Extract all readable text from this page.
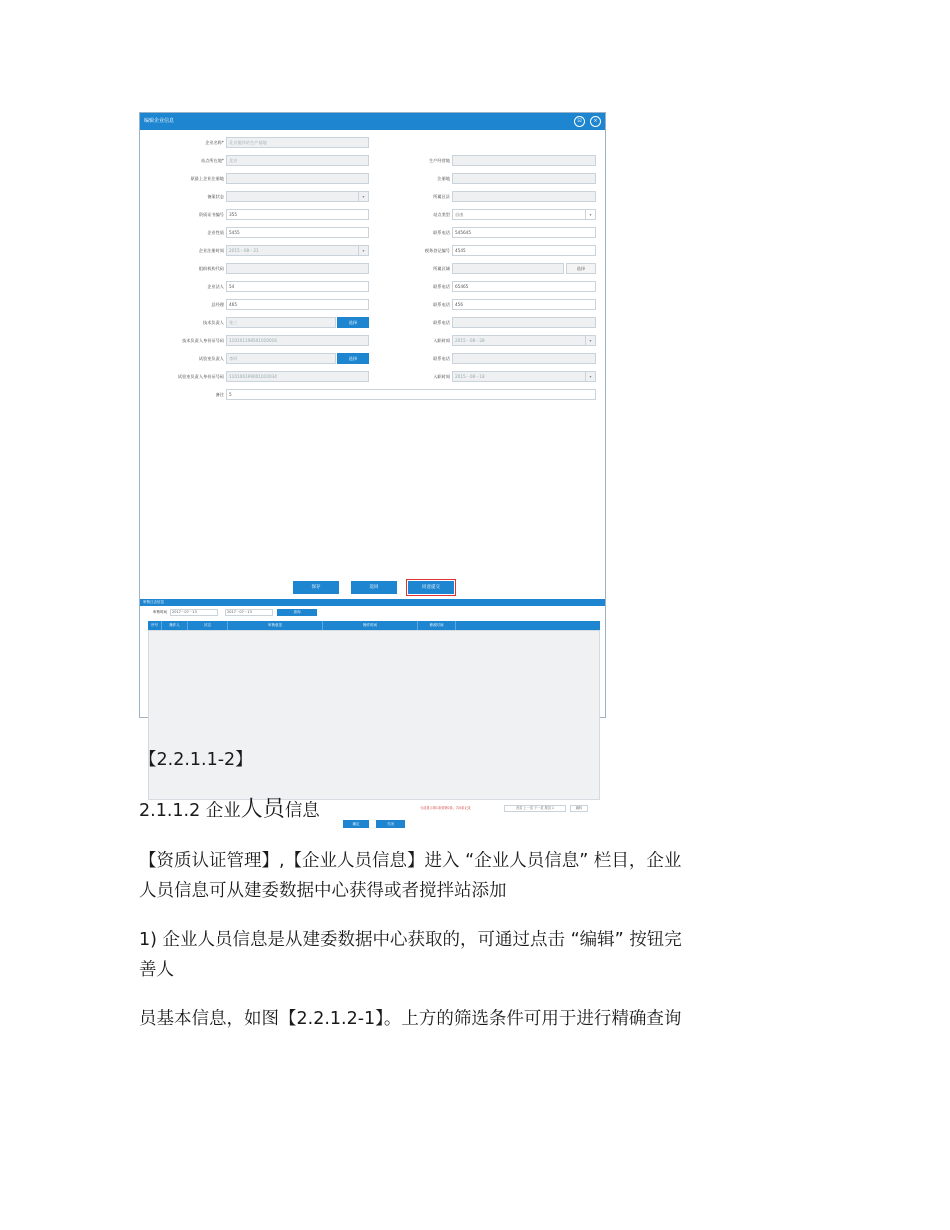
编辑企业信息	⊡	×
企业名称*	北京搅拌站生产基地
站点所在地*	北京	生产经营地
原最上企业注册地	注册地
备案状态	▾	所属区县
资质证书编号	355	站点类型	自由	▾
企业性质	5455	联系电话	545645
企业注册时间	2015－08－21	▾	税务登记编号	4545
组织机构代码	所属区域	选择
企业法人	54	联系电话	65465
总经理	465	联系电话	456
技术负责人	张三	选择	联系电话
技术负责人身份证号码	110101198501010016	入职时间	2015－08－28	▾
试验室负责人	李四	选择	联系电话
试验室负责人身份证号码	110106199001010034	入职时间	2015－08－18	▾
备注	5
保存	返回	同意提交
审核日志信息
审核时间	2017－07－13	2017－07－13	查询
序号	操作人	状态	审核意见	操作时间	修改时间
当前显示第1条到第0条，共0条记录	首页 上一页 下一页 尾页 1	跳转
确定	关闭
【2.2.1.1-2】
2.1.1.2 企业人员信息
【资质认证管理】,【企业人员信息】进入 “企业人员信息” 栏目，企业
人员信息可从建委数据中心获得或者搅拌站添加
1) 企业人员信息是从建委数据中心获取的，可通过点击 “编辑” 按钮完
善人
员基本信息，如图【2.2.1.2-1】。上方的筛选条件可用于进行精确查询
